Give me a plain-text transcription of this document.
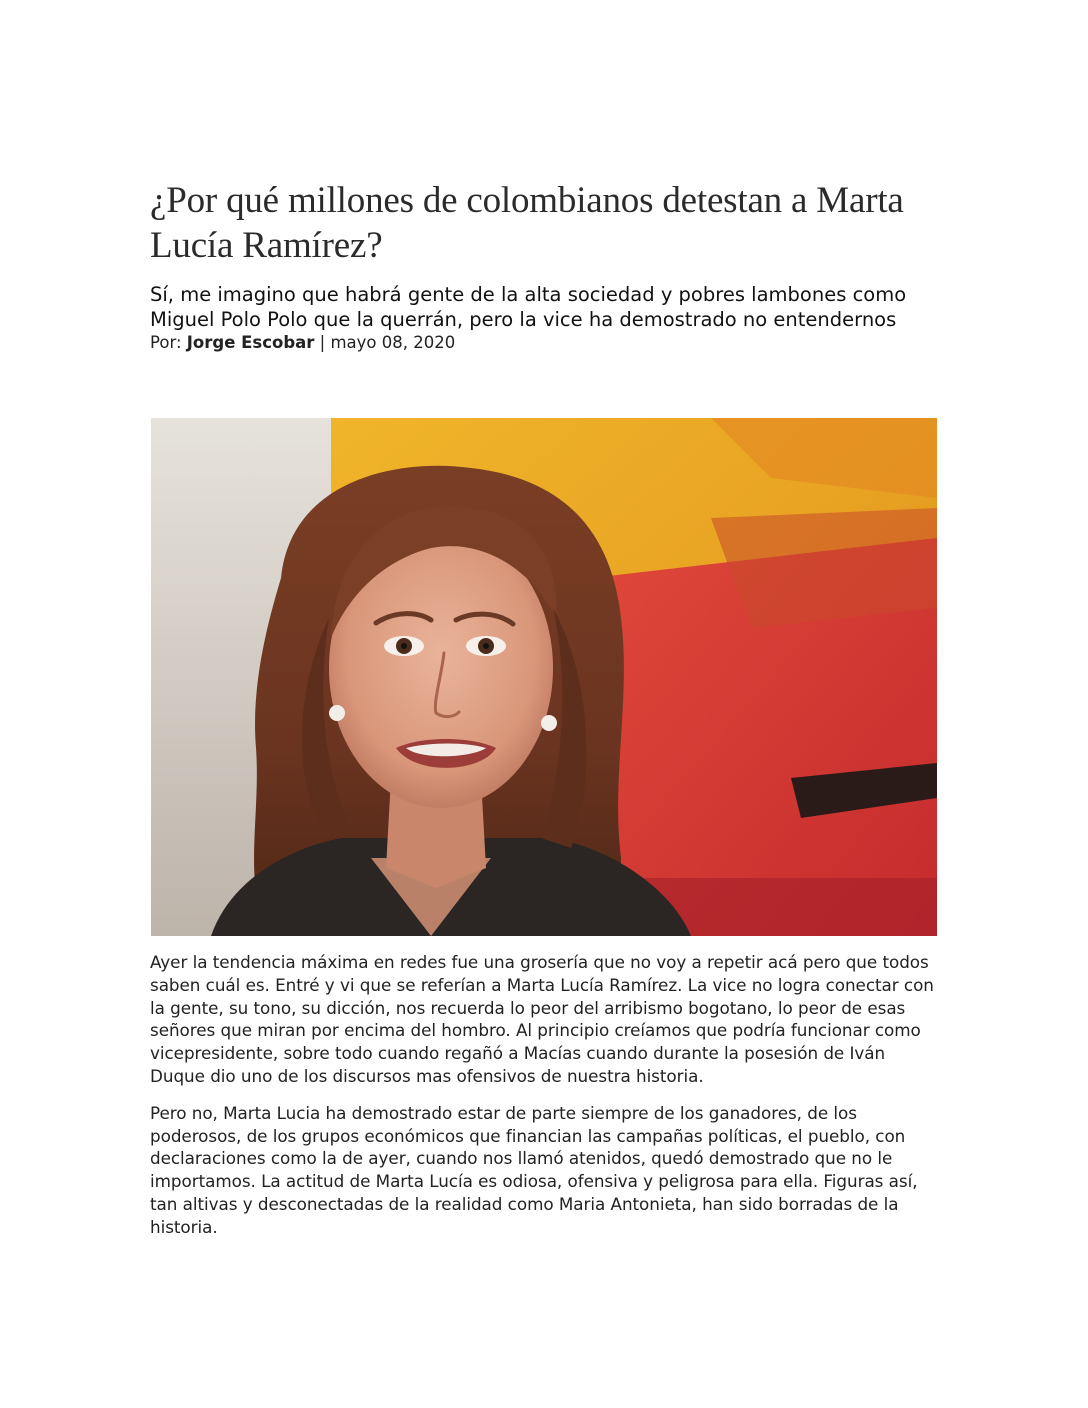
¿Por qué millones de colombianos detestan a Marta Lucía Ramírez?

Sí, me imagino que habrá gente de la alta sociedad y pobres lambones como Miguel Polo Polo que la querrán, pero la vice ha demostrado no entendernos

Por: Jorge Escobar | mayo 08, 2020

Ayer la tendencia máxima en redes fue una grosería que no voy a repetir acá pero que todos saben cuál es. Entré y vi que se referían a Marta Lucía Ramírez. La vice no logra conectar con la gente, su tono, su dicción, nos recuerda lo peor del arribismo bogotano, lo peor de esas señores que miran por encima del hombro. Al principio creíamos que podría funcionar como vicepresidente, sobre todo cuando regañó a Macías cuando durante la posesión de Iván Duque dio uno de los discursos mas ofensivos de nuestra historia.

Pero no, Marta Lucia ha demostrado estar de parte siempre de los ganadores, de los poderosos, de los grupos económicos que financian las campañas políticas, el pueblo, con declaraciones como la de ayer, cuando nos llamó atenidos, quedó demostrado que no le importamos. La actitud de Marta Lucía es odiosa, ofensiva y peligrosa para ella. Figuras así, tan altivas y desconectadas de la realidad como Maria Antonieta, han sido borradas de la historia.
